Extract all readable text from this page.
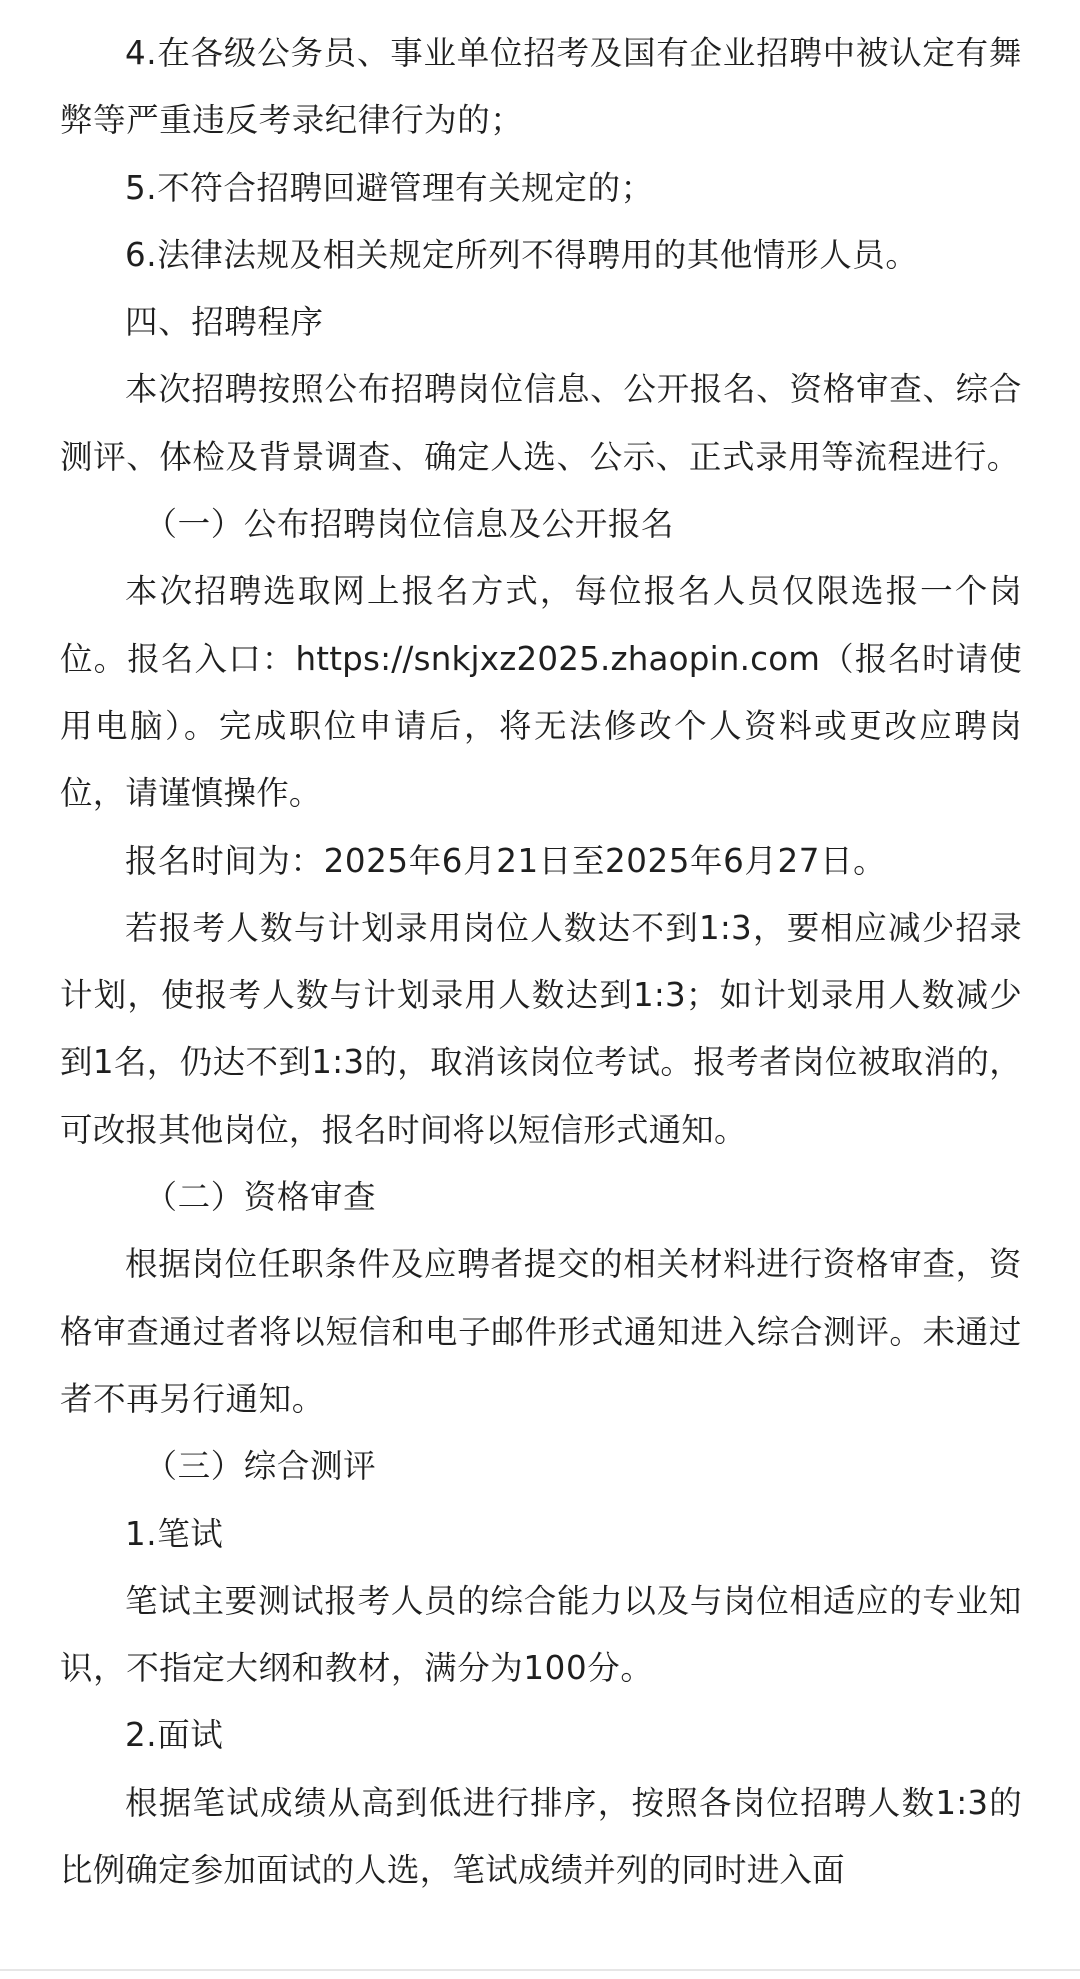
4.在各级公务员、事业单位招考及国有企业招聘中被认定有舞弊等严重违反考录纪律行为的；

5.不符合招聘回避管理有关规定的；

6.法律法规及相关规定所列不得聘用的其他情形人员。

四、招聘程序

本次招聘按照公布招聘岗位信息、公开报名、资格审查、综合测评、体检及背景调查、确定人选、公示、正式录用等流程进行。

（一）公布招聘岗位信息及公开报名

本次招聘选取网上报名方式，每位报名人员仅限选报一个岗位。报名入口：https://snkjxz2025.zhaopin.com（报名时请使用电脑）。完成职位申请后，将无法修改个人资料或更改应聘岗位，请谨慎操作。

报名时间为：2025年6月21日至2025年6月27日。

若报考人数与计划录用岗位人数达不到1:3，要相应减少招录计划，使报考人数与计划录用人数达到1:3；如计划录用人数减少到1名，仍达不到1:3的，取消该岗位考试。报考者岗位被取消的，可改报其他岗位，报名时间将以短信形式通知。

（二）资格审查

根据岗位任职条件及应聘者提交的相关材料进行资格审查，资格审查通过者将以短信和电子邮件形式通知进入综合测评。未通过者不再另行通知。

（三）综合测评

1.笔试

笔试主要测试报考人员的综合能力以及与岗位相适应的专业知识，不指定大纲和教材，满分为100分。

2.面试

根据笔试成绩从高到低进行排序，按照各岗位招聘人数1:3的比例确定参加面试的人选，笔试成绩并列的同时进入面
